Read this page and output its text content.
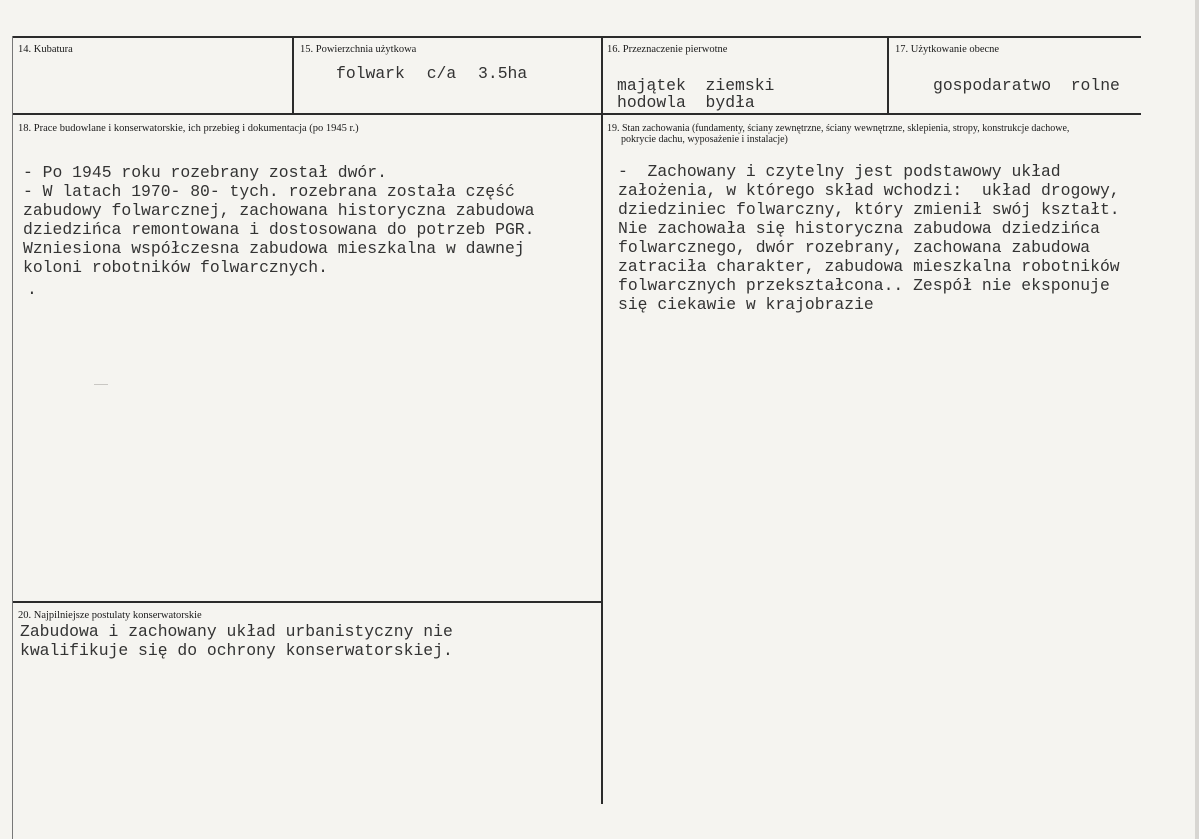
14. Kubatura	15. Powierzchnia użytkowa
folwark c/a 3.5ha
16. Przeznaczenie pierwotne
majątek  ziemski
hodowla  bydła
17. Użytkowanie obecne
gospodaratwo  rolne
18. Prace budowlane i konserwatorskie, ich przebieg i dokumentacja (po 1945 r.)
- Po 1945 roku rozebrany został dwór.
- W latach 1970- 80- tych. rozebrana została część
zabudowy folwarcznej, zachowana historyczna zabudowa
dziedzińca remontowana i dostosowana do potrzeb PGR.
Wzniesiona współczesna zabudowa mieszkalna w dawnej
koloni robotników folwarcznych.
.
19. Stan zachowania (fundamenty, ściany zewnętrzne, ściany wewnętrzne, sklepienia, stropy, konstrukcje dachowe,
pokrycie dachu, wyposażenie i instalacje)
-  Zachowany i czytelny jest podstawowy układ
założenia, w którego skład wchodzi:  układ drogowy,
dziedziniec folwarczny, który zmienił swój kształt.
Nie zachowała się historyczna zabudowa dziedzińca
folwarcznego, dwór rozebrany, zachowana zabudowa
zatraciła charakter, zabudowa mieszkalna robotników
folwarcznych przekształcona.. Zespół nie eksponuje
się ciekawie w krajobrazie
20. Najpilniejsze postulaty konserwatorskie
Zabudowa i zachowany układ urbanistyczny nie
kwalifikuje się do ochrony konserwatorskiej.
